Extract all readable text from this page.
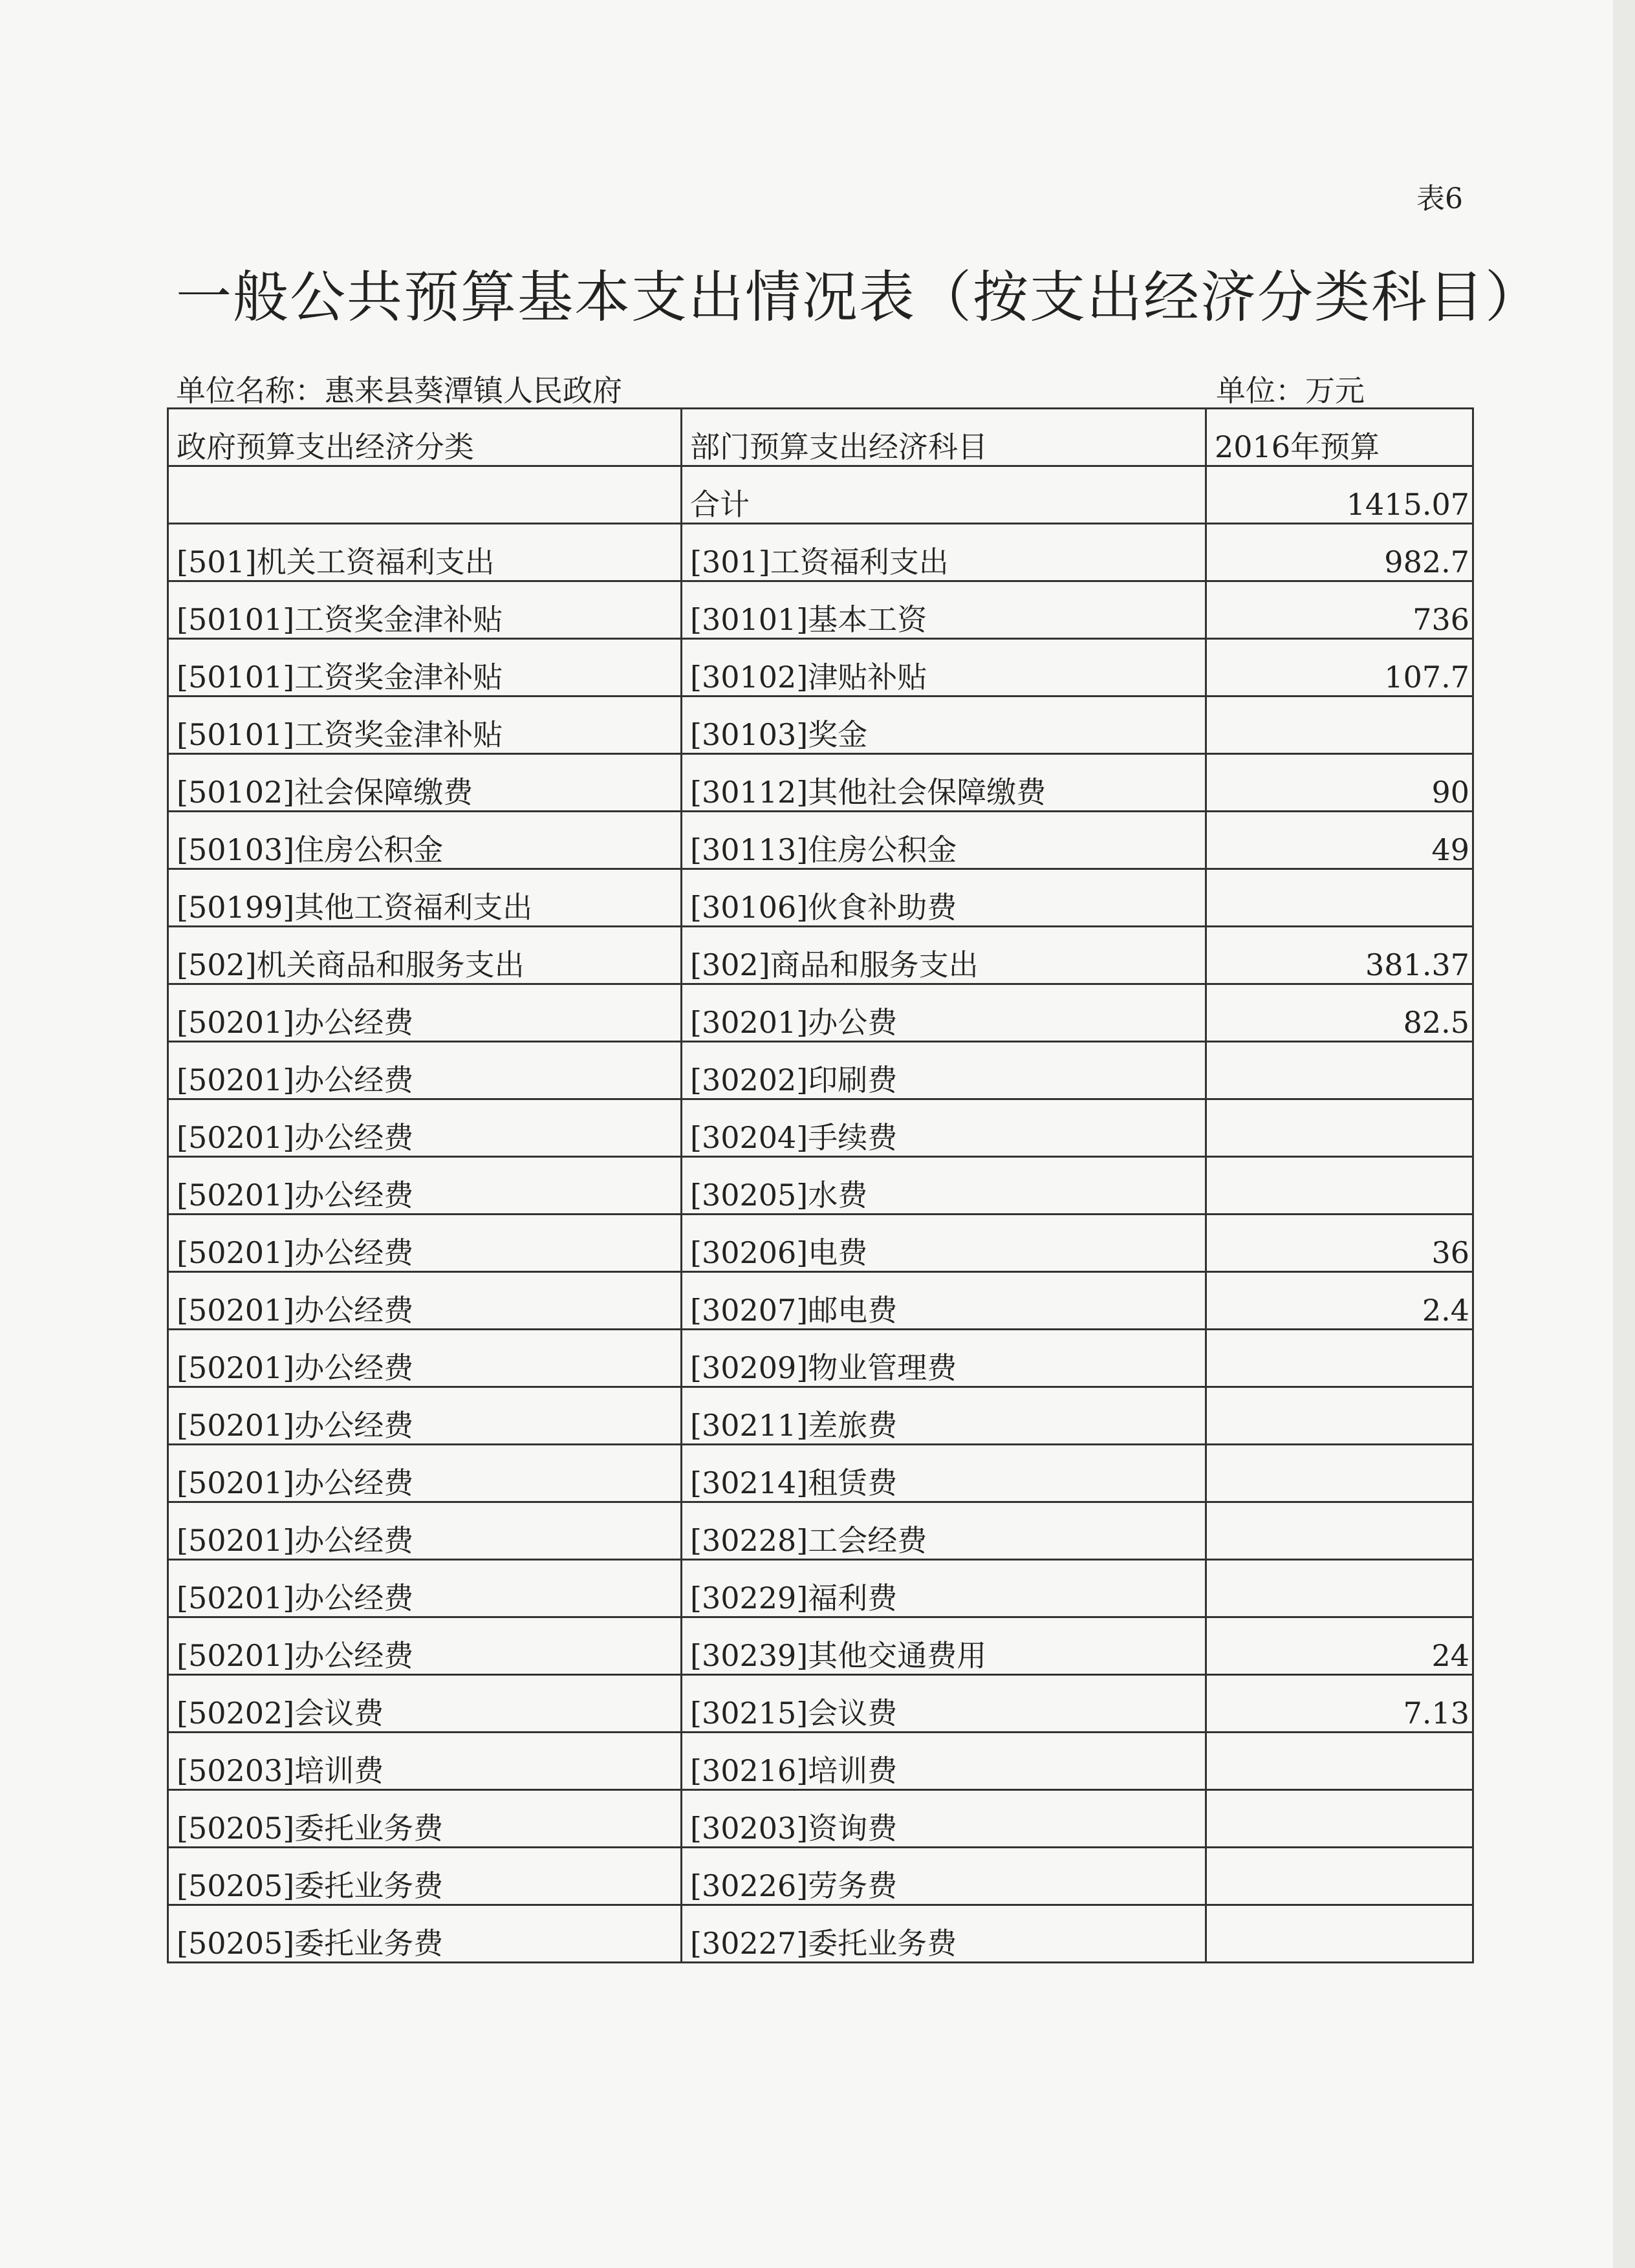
表6
一般公共预算基本支出情况表（按支出经济分类科目）
单位名称：惠来县葵潭镇人民政府	单位：万元
政府预算支出经济分类	部门预算支出经济科目	2016年预算
	合计	1415.07
[501]机关工资福利支出	[301]工资福利支出	982.7
[50101]工资奖金津补贴	[30101]基本工资	736
[50101]工资奖金津补贴	[30102]津贴补贴	107.7
[50101]工资奖金津补贴	[30103]奖金	
[50102]社会保障缴费	[30112]其他社会保障缴费	90
[50103]住房公积金	[30113]住房公积金	49
[50199]其他工资福利支出	[30106]伙食补助费	
[502]机关商品和服务支出	[302]商品和服务支出	381.37
[50201]办公经费	[30201]办公费	82.5
[50201]办公经费	[30202]印刷费	
[50201]办公经费	[30204]手续费	
[50201]办公经费	[30205]水费	
[50201]办公经费	[30206]电费	36
[50201]办公经费	[30207]邮电费	2.4
[50201]办公经费	[30209]物业管理费	
[50201]办公经费	[30211]差旅费	
[50201]办公经费	[30214]租赁费	
[50201]办公经费	[30228]工会经费	
[50201]办公经费	[30229]福利费	
[50201]办公经费	[30239]其他交通费用	24
[50202]会议费	[30215]会议费	7.13
[50203]培训费	[30216]培训费	
[50205]委托业务费	[30203]资询费	
[50205]委托业务费	[30226]劳务费	
[50205]委托业务费	[30227]委托业务费	
